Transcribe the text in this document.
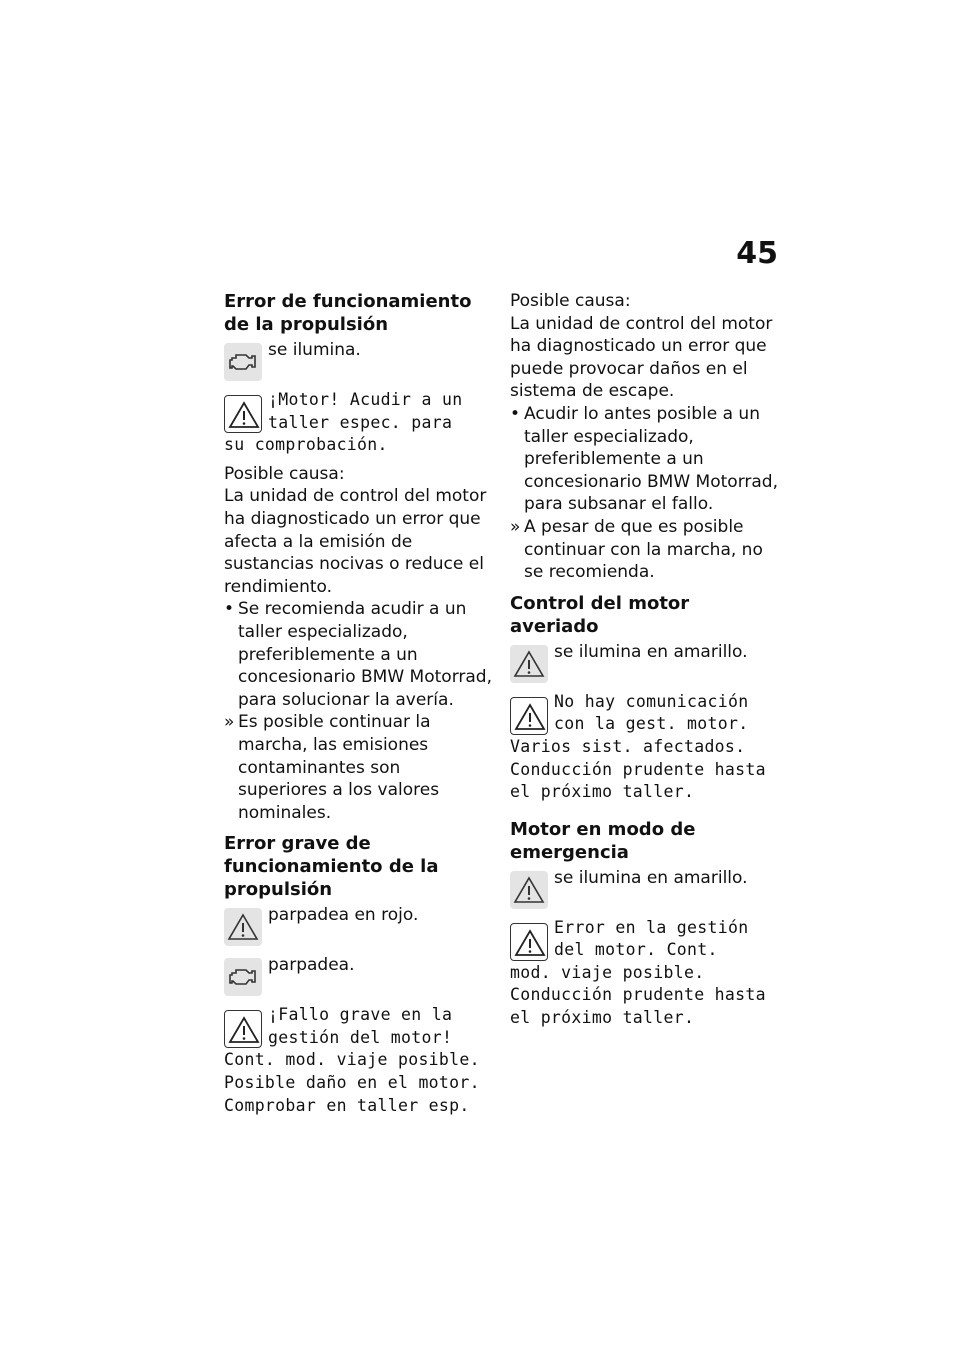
45
Error de funcionamiento de la propulsión
se ilumina.
¡Motor! Acudir a un taller espec. para
su comprobación.
Posible causa:
La unidad de control del motor ha diagnosticado un error que afecta a la emisión de sustancias nocivas o reduce el rendimiento.
• Se recomienda acudir a un taller especializado, preferiblemente a un concesionario BMW Motorrad, para solucionar la avería.
» Es posible continuar la marcha, las emisiones contaminantes son superiores a los valores nominales.
Error grave de funcionamiento de la propulsión
parpadea en rojo.
parpadea.
¡Fallo grave en la gestión del motor!
Cont. mod. viaje posible. Posible daño en el motor. Comprobar en taller esp.
Posible causa:
La unidad de control del motor ha diagnosticado un error que puede provocar daños en el sistema de escape.
• Acudir lo antes posible a un taller especializado, preferiblemente a un concesionario BMW Motorrad, para subsanar el fallo.
» A pesar de que es posible continuar con la marcha, no se recomienda.
Control del motor averiado
se ilumina en amarillo.
No hay comunicación con la gest. motor.
Varios sist. afectados. Conducción prudente hasta el próximo taller.
Motor en modo de emergencia
se ilumina en amarillo.
Error en la gestión del motor. Cont.
mod. viaje posible. Conducción prudente hasta el próximo taller.
